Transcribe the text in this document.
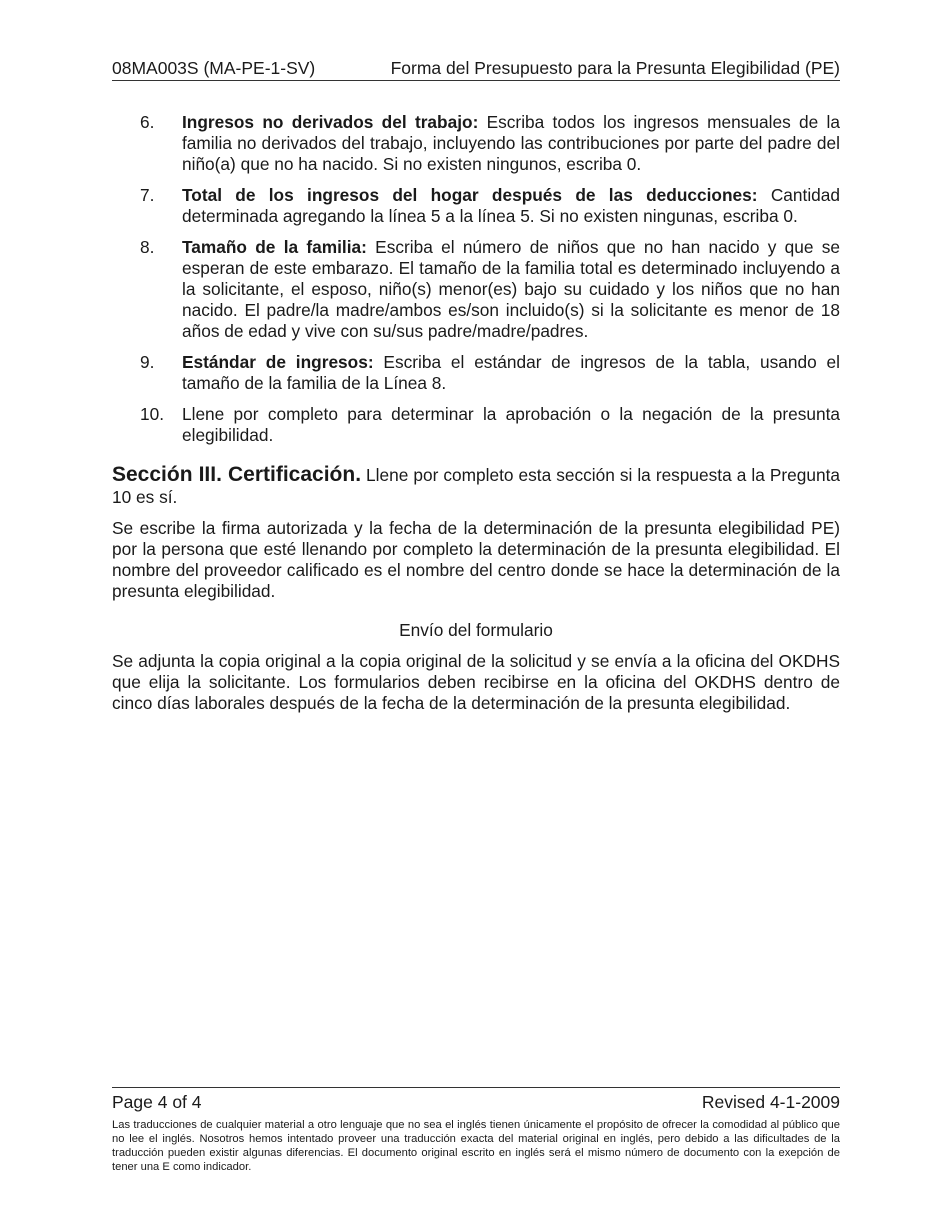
08MA003S (MA-PE-1-SV)	Forma del Presupuesto para la Presunta Elegibilidad (PE)
6. Ingresos no derivados del trabajo: Escriba todos los ingresos mensuales de la familia no derivados del trabajo, incluyendo las contribuciones por parte del padre del niño(a) que no ha nacido. Si no existen ningunos, escriba 0.
7. Total de los ingresos del hogar después de las deducciones: Cantidad determinada agregando la línea 5 a la línea 5. Si no existen ningunas, escriba 0.
8. Tamaño de la familia: Escriba el número de niños que no han nacido y que se esperan de este embarazo. El tamaño de la familia total es determinado incluyendo a la solicitante, el esposo, niño(s) menor(es) bajo su cuidado y los niños que no han nacido. El padre/la madre/ambos es/son incluido(s) si la solicitante es menor de 18 años de edad y vive con su/sus padre/madre/padres.
9. Estándar de ingresos: Escriba el estándar de ingresos de la tabla, usando el tamaño de la familia de la Línea 8.
10. Llene por completo para determinar la aprobación o la negación de la presunta elegibilidad.
Sección III. Certificación. Llene por completo esta sección si la respuesta a la Pregunta 10 es sí.

Se escribe la firma autorizada y la fecha de la determinación de la presunta elegibilidad PE) por la persona que esté llenando por completo la determinación de la presunta elegibilidad. El nombre del proveedor calificado es el nombre del centro donde se hace la determinación de la presunta elegibilidad.

Envío del formulario

Se adjunta la copia original a la copia original de la solicitud y se envía a la oficina del OKDHS que elija la solicitante. Los formularios deben recibirse en la oficina del OKDHS dentro de cinco días laborales después de la fecha de la determinación de la presunta elegibilidad.

Page 4 of 4	Revised 4-1-2009
Las traducciones de cualquier material a otro lenguaje que no sea el inglés tienen únicamente el propósito de ofrecer la comodidad al público que no lee el inglés. Nosotros hemos intentado proveer una traducción exacta del material original en inglés, pero debido a las dificultades de la traducción pueden existir algunas diferencias. El documento original escrito en inglés será el mismo número de documento con la exepción de tener una E como indicador.
